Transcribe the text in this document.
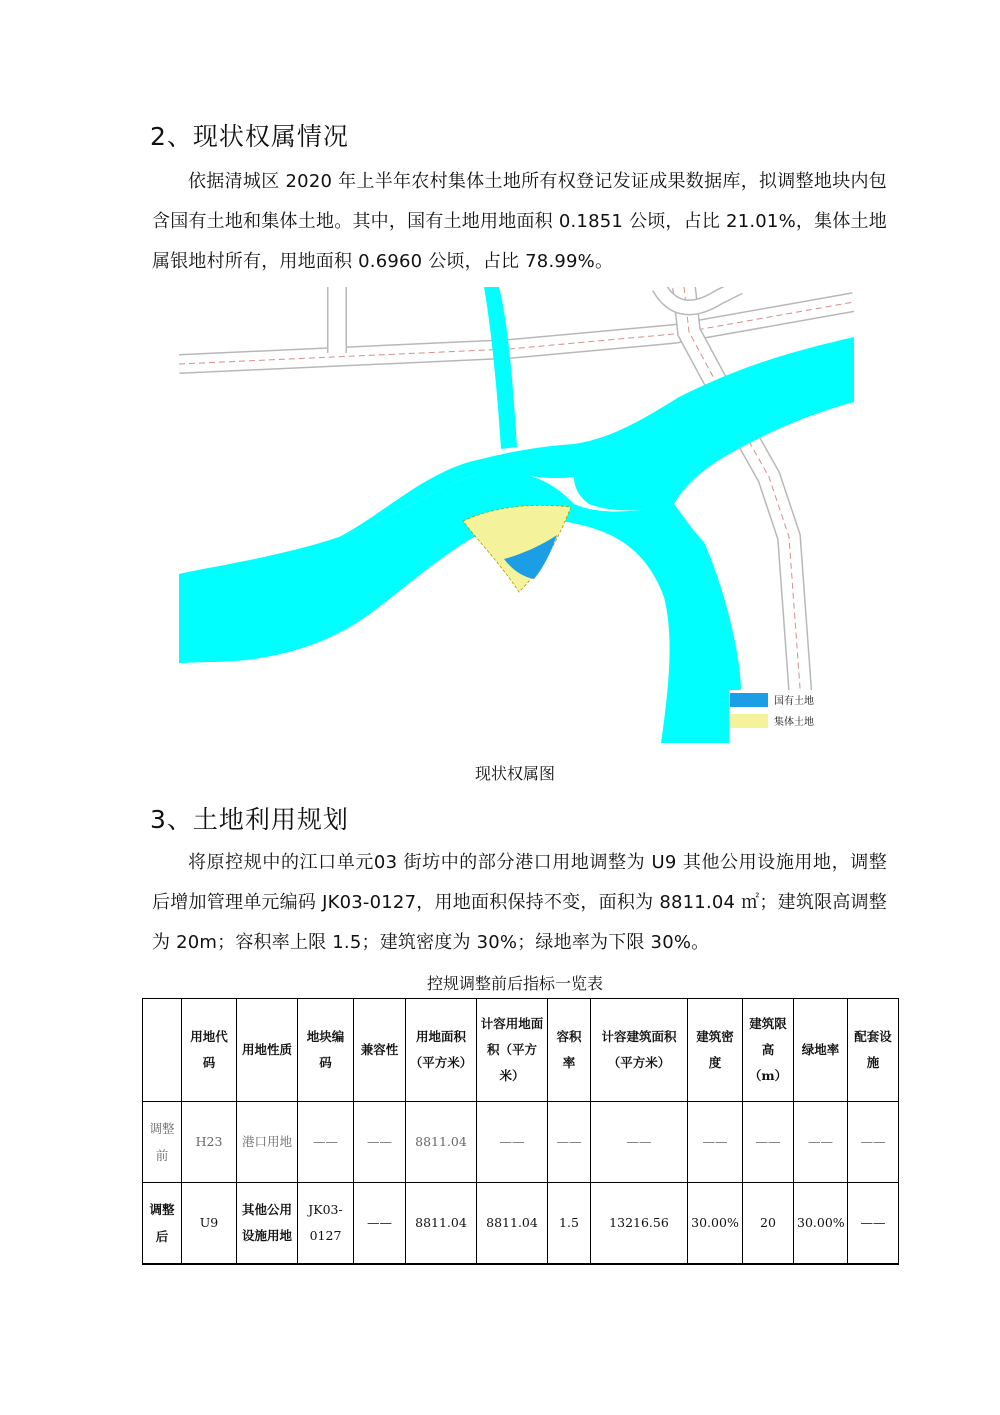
2、现状权属情况

依据清城区 2020 年上半年农村集体土地所有权登记发证成果数据库，拟调整地块内包含国有土地和集体土地。其中，国有土地用地面积 0.1851 公顷，占比 21.01%，集体土地属银地村所有，用地面积 0.6960 公顷，占比 78.99%。

国有土地
集体土地
现状权属图
3、土地利用规划

将原控规中的江口单元03 街坊中的部分港口用地调整为 U9 其他公用设施用地，调整后增加管理单元编码 JK03-0127，用地面积保持不变，面积为 8811.04 ㎡；建筑限高调整为 20m；容积率上限 1.5；建筑密度为 30%；绿地率为下限 30%。

控规调整前后指标一览表
	用地代码	用地性质	地块编码	兼容性	用地面积（平方米）	计容用地面积（平方米）	容积率	计容建筑面积（平方米）	建筑密度	建筑限高（m）	绿地率	配套设施
调整前	H23	港口用地	——	——	8811.04	——	——	——	——	——	——	——
调整后	U9	其他公用设施用地	JK03-0127	——	8811.04	8811.04	1.5	13216.56	30.00%	20	30.00%	——
